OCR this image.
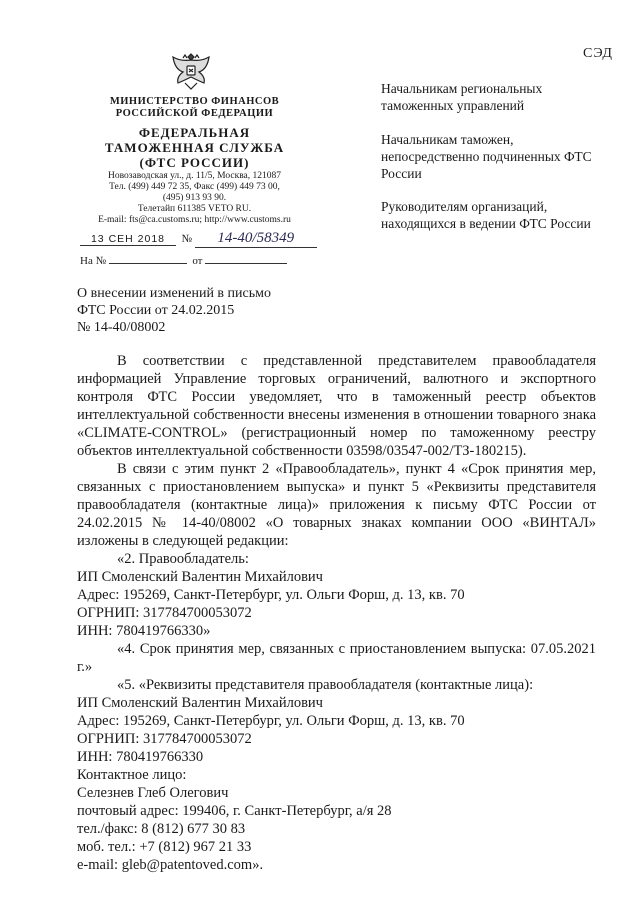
СЭД
МИНИСТЕРСТВО ФИНАНСОВ
РОССИЙСКОЙ ФЕДЕРАЦИИ
ФЕДЕРАЛЬНАЯ
ТАМОЖЕННАЯ СЛУЖБА
(ФТС РОССИИ)
Новозаводская ул., д. 11/5, Москва, 121087
Тел. (499) 449 72 35, Факс (499) 449 73 00,
(495) 913 93 90.
Телетайп 611385 VETO RU.
E-mail: fts@ca.customs.ru; http://www.customs.ru
13 СЕН 2018 № 14-40/58349
На №	от

Начальникам региональных таможенных управлений

Начальникам таможен, непосредственно подчиненных ФТС России

Руководителям организаций, находящихся в ведении ФТС России

О внесении изменений в письмо

ФТС России от 24.02.2015

№ 14-40/08002

В соответствии с представленной представителем правообладателя информацией Управление торговых ограничений, валютного и экспортного контроля ФТС России уведомляет, что в таможенный реестр объектов интеллектуальной собственности внесены изменения в отношении товарного знака «CLIMATE-CONTROL» (регистрационный номер по таможенному реестру объектов интеллектуальной собственности 03598/03547-002/ТЗ-180215).

В связи с этим пункт 2 «Правообладатель», пункт 4 «Срок принятия мер, связанных с приостановлением выпуска» и пункт 5 «Реквизиты представителя правообладателя (контактные лица)» приложения к письму ФТС России от 24.02.2015 № 14-40/08002 «О товарных знаках компании ООО «ВИНТАЛ» изложены в следующей редакции:

«2. Правообладатель:

ИП Смоленский Валентин Михайлович

Адрес: 195269, Санкт-Петербург, ул. Ольги Форш, д. 13, кв. 70

ОГРНИП: 317784700053072

ИНН: 780419766330»

«4. Срок принятия мер, связанных с приостановлением выпуска: 07.05.2021 г.»

«5. «Реквизиты представителя правообладателя (контактные лица):

ИП Смоленский Валентин Михайлович

Адрес: 195269, Санкт-Петербург, ул. Ольги Форш, д. 13, кв. 70

ОГРНИП: 317784700053072

ИНН: 780419766330

Контактное лицо:

Селезнев Глеб Олегович

почтовый адрес: 199406, г. Санкт-Петербург, а/я 28

тел./факс: 8 (812) 677 30 83

моб. тел.: +7 (812) 967 21 33

e-mail: gleb@patentoved.com».
